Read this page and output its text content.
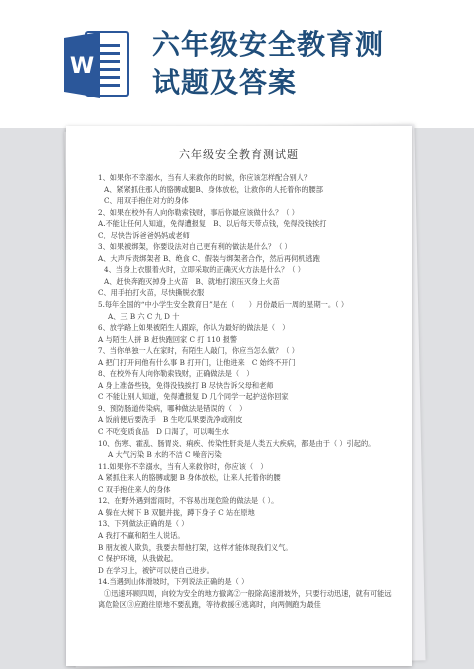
W
六年级安全教育测
试题及答案
六年级安全教育测试题

1、如果你不幸溺水，当有人来救你的时候，你应该怎样配合别人？

A、紧紧抓住那人的胳膊或腿B、身体放松，让救你的人托着你的腰部

C、用双手抱住对方的身体

2、如果在校外有人向你勒索钱财，事后你最应该做什么？（ ）

A.不能让任何人知道，免得遭报复　B、以后每天带点钱，免得没钱挨打

C．尽快告诉爸爸妈妈或老师

3、如果被绑架，你要设法对自己更有利的做法是什么？（ ）

A、大声斥责绑架者 B、绝食 C、假装与绑架者合作，然后再伺机逃跑

4、当身上衣服着火时，立即采取的正确灭火方法是什么？（ ）

A、赶快奔跑灭掉身上火苗　B、就地打滚压灭身上火苗

C、用手拍打火苗，尽快撕脱衣服

5.每年全国的“中小学生安全教育日”是在（　　）月份最后一周的星期一。（ ）

A、三 B 六 C 九 D 十

6、放学路上如果被陌生人跟踪，你认为最好的做法是（　）

A 与陌生人拼 B 赶快跑回家 C 打 110 报警

7、当你单独一人在家时，有陌生人敲门，你应当怎么做？（ ）

A 把门打开问他有什么事 B 打开门，让他进来　C 始终不开门

8、在校外有人向你勒索钱财，正确做法是（　）

A 身上准备些钱，免得没钱挨打 B 尽快告诉父母和老师

C 不能让别人知道，免得遭报复 D 几个同学一起护送你回家

9、预防肠道传染病，哪种做法是错误的（　）

A 饭前便后要洗手　B 生吃瓜果要洗净或削皮

C 不吃变质食品　D 口渴了，可以喝生水

10、伤寒、霍乱、肠胃炎、痢疾、传染性肝炎是人类五大疾病，都是由于（ ）引起的。

A 大气污染 B 水的不洁 C 噪音污染

11.如果你不幸溺水，当有人来救你时，你应该（　）

A 紧抓住来人的胳膊或腿 B 身体放松，让来人托着你的腰

C 双手抱住来人的身体

12、在野外遇到雷雨时，不容易出现危险的做法是（ ）。

A 躲在大树下 B 双腿并拢，蹲下身子 C 站在原地

13、下列做法正确的是（ ）

A 我打不赢和陌生人说话。

B 朋友被人欺负，我要去帮他打架，这样才能体现我们义气。

C 保护环境，从我做起。

D 在学习上，被铲可以使自己进步。

14.当遇到山体滑坡时，下列说法正确的是（ ）

①迅速环顾四周，向较为安全的地方撤离②一般除高速滑坡外，只要行动迅速，就有可能远

离危险区③应跑往原地不要乱跑，等待救援④逃离时，向两侧跑为最佳
